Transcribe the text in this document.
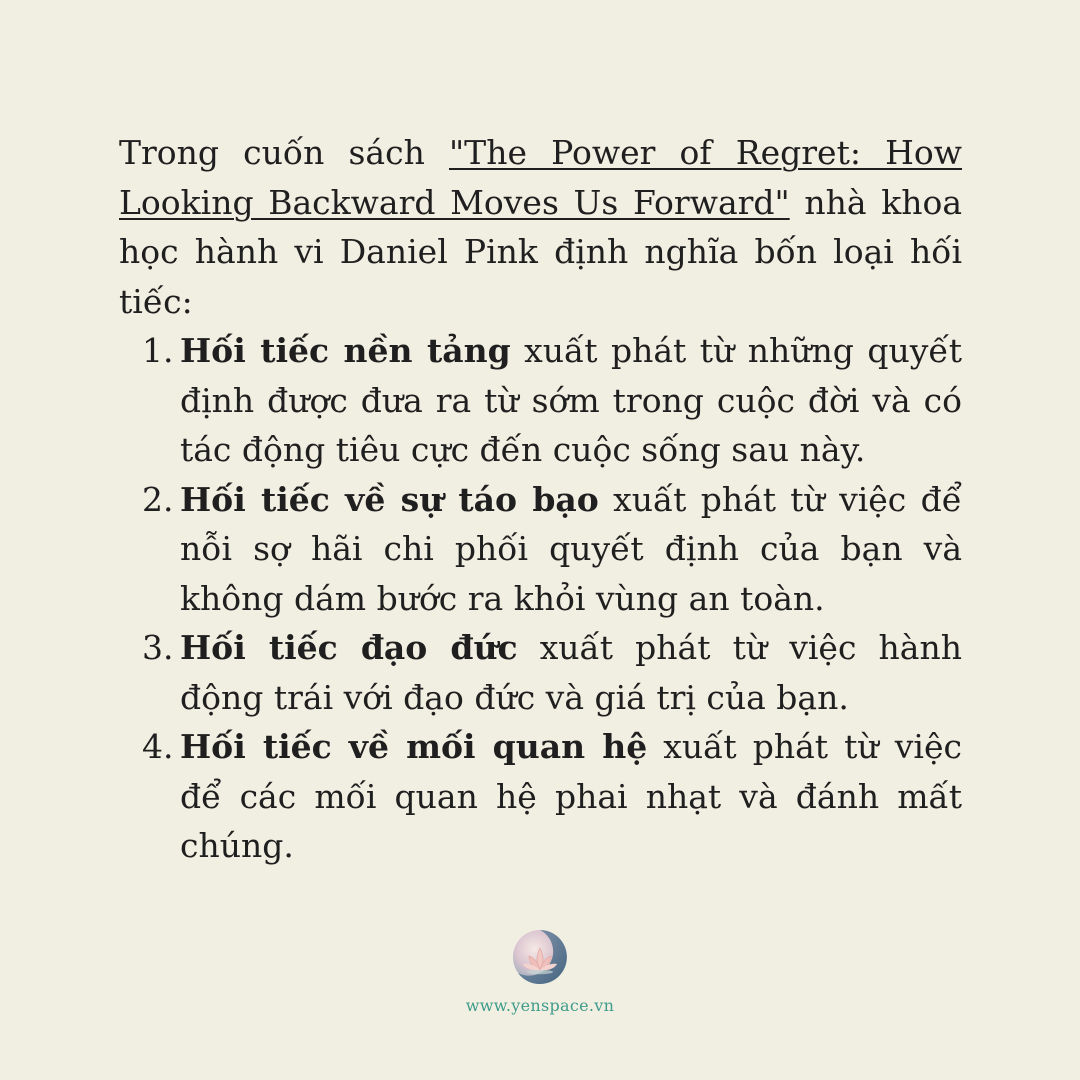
Trong cuốn sách "The Power of Regret: How Looking Backward Moves Us Forward" nhà khoa học hành vi Daniel Pink định nghĩa bốn loại hối tiếc:

1. Hối tiếc nền tảng xuất phát từ những quyết định được đưa ra từ sớm trong cuộc đời và có tác động tiêu cực đến cuộc sống sau này.
2. Hối tiếc về sự táo bạo xuất phát từ việc để nỗi sợ hãi chi phối quyết định của bạn và không dám bước ra khỏi vùng an toàn.
3. Hối tiếc đạo đức xuất phát từ việc hành động trái với đạo đức và giá trị của bạn.
4. Hối tiếc về mối quan hệ xuất phát từ việc để các mối quan hệ phai nhạt và đánh mất chúng.
www.yenspace.vn
